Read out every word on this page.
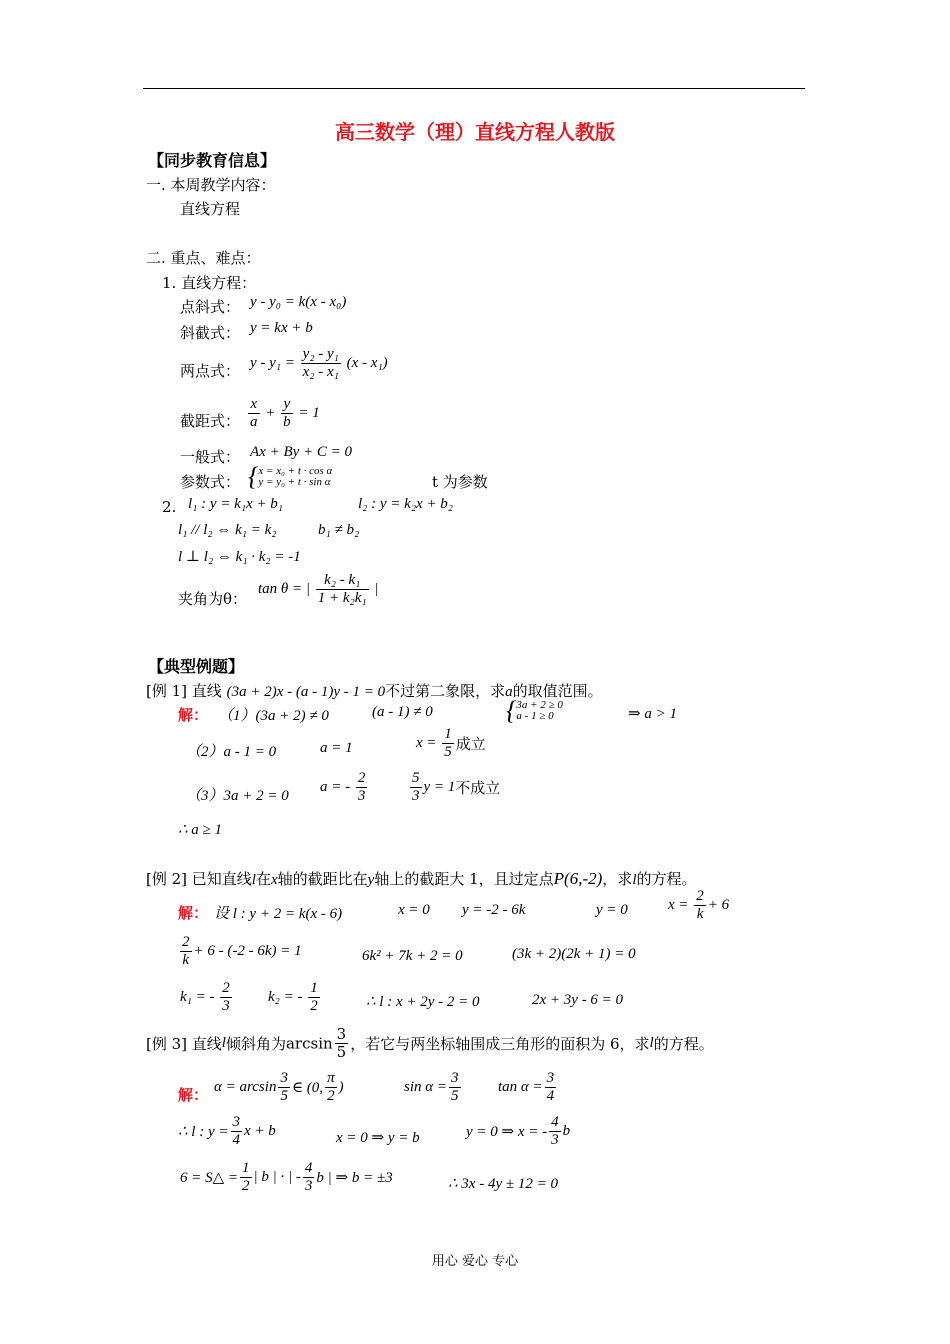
高三数学（理）直线方程人教版
【同步教育信息】
一. 本周教学内容：
直线方程
二. 重点、难点：
1. 直线方程：
点斜式： y - y₀ = k(x - x₀)
斜截式： y = kx + b
两点式： $y - y_1 = \frac{\text{y₂ - y₁}}{\text{x₂ - x₁}} (x - x_1)$
截距式： $\frac{x}{a} + \frac{y}{b} = 1$
一般式： Ax + By + C = 0
参数式： { x = x₀ + t · cos α
y = y₀ + t · sin α	t 为参数
2. l₁ : y = k₁x + b₁	l₂ : y = k₂x + b₂
l₁ // l₂ ⇔ k₁ = k₂	b₁ ≠ b₂
l ⊥ l₂ ⇔ k₁ · k₂ = -1
夹角为θ：
tan θ = | $\frac{\text{k₂ - k₁}}{\text{1 + k₂k₁}}$ |
【典型例题】
[例 1] 直线 (3a + 2)x - (a - 1)y - 1 = 0不过第二象限，求a的取值范围。
解： （1）(3a + 2) ≠ 0	(a - 1) ≠ 0	{ 3a + 2 ≥ 0
a - 1 ≥ 0	⇒ a > 1
（2）a - 1 = 0	a = 1	$x = \frac{1}{5}$ 成立
（3）3a + 2 = 0
a = - $\frac{2}{3}$	$\frac{5}{3}$ y = 1不成立
∴ a ≥ 1
[例 2] 已知直线l在x轴的截距比在y轴上的截距大 1，且过定点P(6,-2)，求l的方程。
解： 设 l : y + 2 = k(x - 6)	x = 0 y = -2 - 6k	y = 0	$x = \frac{2}{k} + 6$
$\frac{2}{k} + 6 - (-2 - 6k) = 1$	6k² + 7k + 2 = 0	(3k + 2)(2k + 1) = 0
k₁ = - $\frac{2}{3} k_2$ = - $\frac{1}{2}$	∴ l : x + 2y - 2 = 0	2x + 3y - 6 = 0
[例 3] 直线l倾斜角为$\arcsin \frac{3}{5}$ ，若它与两坐标轴围成三角形的面积为 6，求l的方程。
解： $\alpha = \arcsin \frac{3}{5}$ ∈ (0, $\frac{\pi}{2}$ )	$\sin \alpha = \frac{3}{5}$ $\tan \alpha = \frac{3}{4}$
∴ l : $y = \frac{3}{4}$ x + b	x = 0 ⇒ y = b	y = 0 ⇒ x = - $\frac{4}{3}$ b
6 = S△ = $\frac{1}{2}$ | b | · | - $\frac{4}{3}$ b | ⇒ b = ±3	∴ 3x - 4y ± 12 = 0
用心 爱心 专心
